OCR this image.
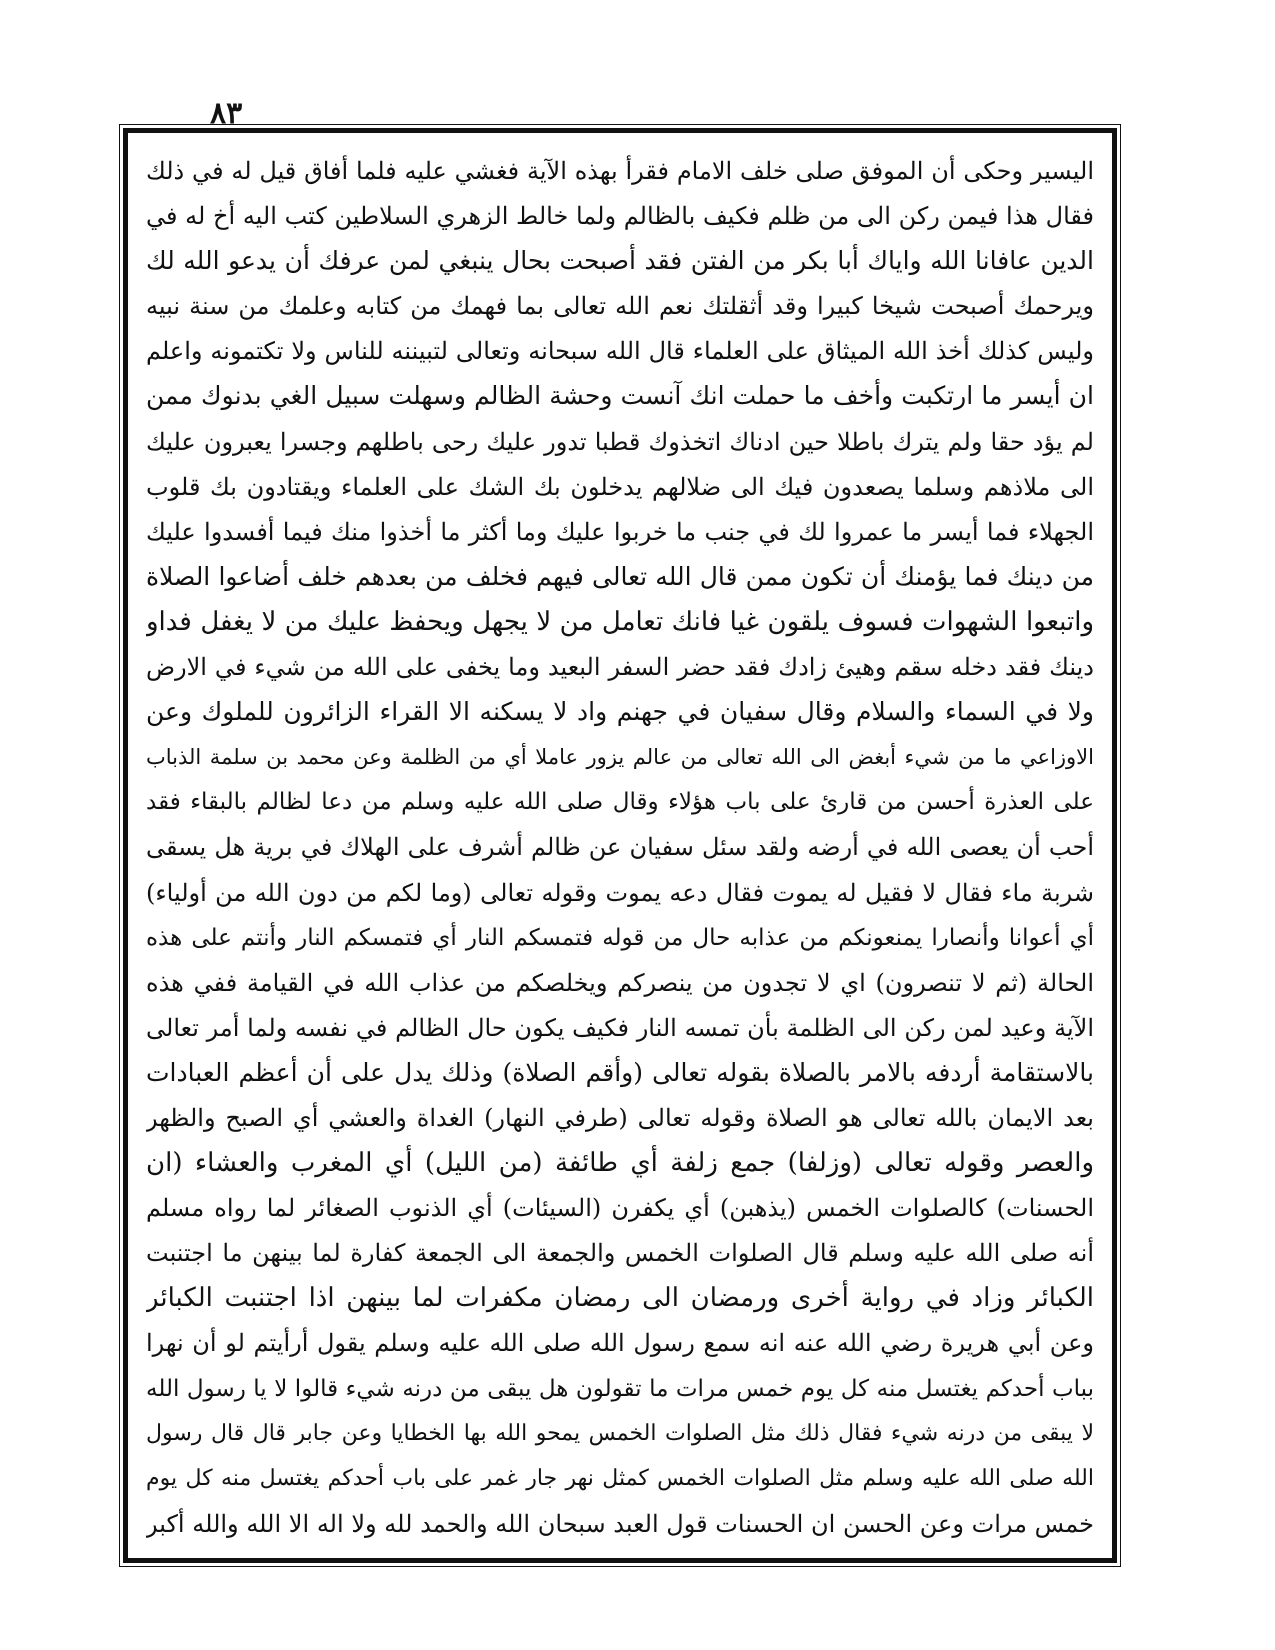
٨٣
اليسير وحكى أن الموفق صلى خلف الامام فقرأ بهذه الآية فغشي عليه فلما أفاق قيل له في ذلك
فقال هذا فيمن ركن الى من ظلم فكيف بالظالم ولما خالط الزهري السلاطين كتب اليه أخ له في
الدين عافانا الله واياك أبا بكر من الفتن فقد أصبحت بحال ينبغي لمن عرفك أن يدعو الله لك
ويرحمك أصبحت شيخا كبيرا وقد أثقلتك نعم الله تعالى بما فهمك من كتابه وعلمك من سنة نبيه
وليس كذلك أخذ الله الميثاق على العلماء قال الله سبحانه وتعالى لتبيننه للناس ولا تكتمونه واعلم
ان أيسر ما ارتكبت وأخف ما حملت انك آنست وحشة الظالم وسهلت سبيل الغي بدنوك ممن
لم يؤد حقا ولم يترك باطلا حين ادناك اتخذوك قطبا تدور عليك رحى باطلهم وجسرا يعبرون عليك
الى ملاذهم وسلما يصعدون فيك الى ضلالهم يدخلون بك الشك على العلماء ويقتادون بك قلوب
الجهلاء فما أيسر ما عمروا لك في جنب ما خربوا عليك وما أكثر ما أخذوا منك فيما أفسدوا عليك
من دينك فما يؤمنك أن تكون ممن قال الله تعالى فيهم فخلف من بعدهم خلف أضاعوا الصلاة
واتبعوا الشهوات فسوف يلقون غيا فانك تعامل من لا يجهل ويحفظ عليك من لا يغفل فداو
دينك فقد دخله سقم وهيئ زادك فقد حضر السفر البعيد وما يخفى على الله من شيء في الارض
ولا في السماء والسلام وقال سفيان في جهنم واد لا يسكنه الا القراء الزائرون للملوك وعن
الاوزاعي ما من شيء أبغض الى الله تعالى من عالم يزور عاملا أي من الظلمة وعن محمد بن سلمة الذباب
على العذرة أحسن من قارئ على باب هؤلاء وقال صلى الله عليه وسلم من دعا لظالم بالبقاء فقد
أحب أن يعصى الله في أرضه ولقد سئل سفيان عن ظالم أشرف على الهلاك في برية هل يسقى
شربة ماء فقال لا فقيل له يموت فقال دعه يموت وقوله تعالى (وما لكم من دون الله من أولياء)
أي أعوانا وأنصارا يمنعونكم من عذابه حال من قوله فتمسكم النار أي فتمسكم النار وأنتم على هذه
الحالة (ثم لا تنصرون) اي لا تجدون من ينصركم ويخلصكم من عذاب الله في القيامة ففي هذه
الآية وعيد لمن ركن الى الظلمة بأن تمسه النار فكيف يكون حال الظالم في نفسه ولما أمر تعالى
بالاستقامة أردفه بالامر بالصلاة بقوله تعالى (وأقم الصلاة) وذلك يدل على أن أعظم العبادات
بعد الايمان بالله تعالى هو الصلاة وقوله تعالى (طرفي النهار) الغداة والعشي أي الصبح والظهر
والعصر وقوله تعالى (وزلفا) جمع زلفة أي طائفة (من الليل) أي المغرب والعشاء (ان
الحسنات) كالصلوات الخمس (يذهبن) أي يكفرن (السيئات) أي الذنوب الصغائر لما رواه مسلم
أنه صلى الله عليه وسلم قال الصلوات الخمس والجمعة الى الجمعة كفارة لما بينهن ما اجتنبت
الكبائر وزاد في رواية أخرى ورمضان الى رمضان مكفرات لما بينهن اذا اجتنبت الكبائر
وعن أبي هريرة رضي الله عنه انه سمع رسول الله صلى الله عليه وسلم يقول أرأيتم لو أن نهرا
بباب أحدكم يغتسل منه كل يوم خمس مرات ما تقولون هل يبقى من درنه شيء قالوا لا يا رسول الله
لا يبقى من درنه شيء فقال ذلك مثل الصلوات الخمس يمحو الله بها الخطايا وعن جابر قال قال رسول
الله صلى الله عليه وسلم مثل الصلوات الخمس كمثل نهر جار غمر على باب أحدكم يغتسل منه كل يوم
خمس مرات وعن الحسن ان الحسنات قول العبد سبحان الله والحمد لله ولا اله الا الله والله أكبر
